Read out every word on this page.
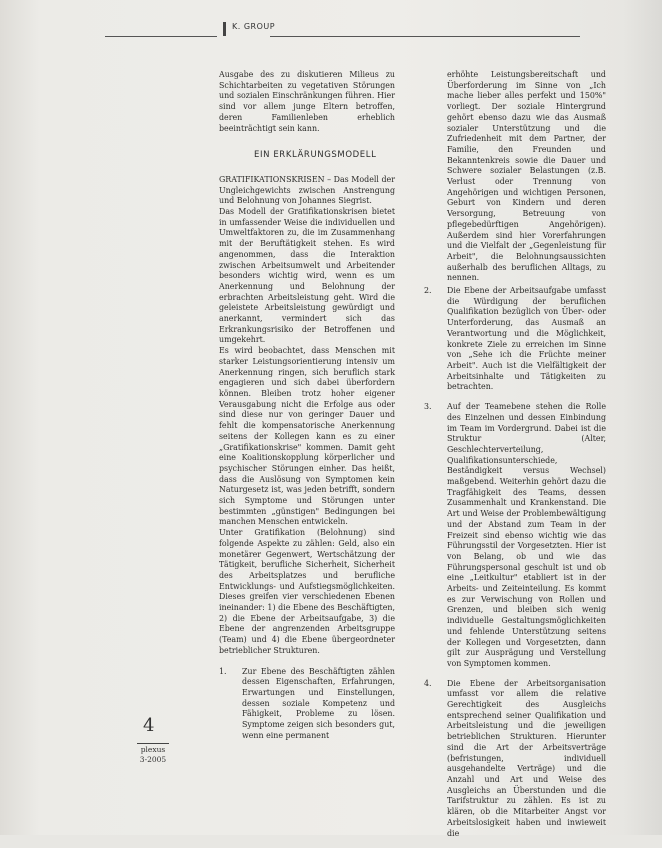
K. GROUP

Ausgabe des zu diskutieren Milieus zu Schichtarbeiten zu vegetativen Störungen und sozialen Einschränkungen führen. Hier sind vor allem junge Eltern betroffen, deren Familienleben erheblich beeinträchtigt sein kann.

EIN ERKLÄRUNGSMODELL

GRATIFIKATIONSKRISEN – Das Modell der Ungleichgewichts zwischen Anstrengung und Belohnung von Johannes Siegrist.

Das Modell der Gratifikationskrisen bietet in umfassender Weise die individuellen und Umweltfaktoren zu, die im Zusammenhang mit der Beruftätigkeit stehen. Es wird angenommen, dass die Interaktion zwischen Arbeitsumwelt und Arbeitender besonders wichtig wird, wenn es um Anerkennung und Belohnung der erbrachten Arbeitsleistung geht. Wird die geleistete Arbeitsleistung gewürdigt und anerkannt, vermindert sich das Erkrankungsrisiko der Betroffenen und umgekehrt.

Es wird beobachtet, dass Menschen mit starker Leistungsorientierung intensiv um Anerkennung ringen, sich beruflich stark engagieren und sich dabei überfordern können. Bleiben trotz hoher eigener Verausgabung nicht die Erfolge aus oder sind diese nur von geringer Dauer und fehlt die kompensatorische Anerkennung seitens der Kollegen kann es zu einer „Gratifikationskrise" kommen. Damit geht eine Koalitionskopplung körperlicher und psychischer Störungen einher. Das heißt, dass die Auslösung von Symptomen kein Naturgesetz ist, was jeden betrifft, sondern sich Symptome und Störungen unter bestimmten „günstigen" Bedingungen bei manchen Menschen entwickeln.

Unter Gratifikation (Belohnung) sind folgende Aspekte zu zählen: Geld, also ein monetärer Gegenwert, Wertschätzung der Tätigkeit, berufliche Sicherheit, Sicherheit des Arbeitsplatzes und berufliche Entwicklungs- und Aufstiegsmöglichkeiten. Dieses greifen vier verschiedenen Ebenen ineinander: 1) die Ebene des Beschäftigten, 2) die Ebene der Arbeitsaufgabe, 3) die Ebene der angrenzenden Arbeitsgruppe (Team) und 4) die Ebene übergeordneter betrieblicher Strukturen.

1. Zur Ebene des Beschäftigten zählen dessen Eigenschaften, Erfahrungen, Erwartungen und Einstellungen, dessen soziale Kompetenz und Fähigkeit, Probleme zu lösen. Symptome zeigen sich besonders gut, wenn eine permanent
erhöhte Leistungsbereitschaft und Überforderung im Sinne von „Ich mache lieber alles perfekt und 150%" vorliegt. Der soziale Hintergrund gehört ebenso dazu wie das Ausmaß sozialer Unterstützung und die Zufriedenheit mit dem Partner, der Familie, den Freunden und Bekanntenkreis sowie die Dauer und Schwere sozialer Belastungen (z.B. Verlust oder Trennung von Angehörigen und wichtigen Personen, Geburt von Kindern und deren Versorgung, Betreuung von pflegebedürftigen Angehörigen). Außerdem sind hier Vorerfahrungen und die Vielfalt der „Gegenleistung für Arbeit", die Belohnungsaussichten außerhalb des beruflichen Alltags, zu nennen.
2. Die Ebene der Arbeitsaufgabe umfasst die Würdigung der beruflichen Qualifikation bezüglich von Über- oder Unterforderung, das Ausmaß an Verantwortung und die Möglichkeit, konkrete Ziele zu erreichen im Sinne von „Sehe ich die Früchte meiner Arbeit". Auch ist die Vielfältigkeit der Arbeitsinhalte und Tätigkeiten zu betrachten.
3. Auf der Teamebene stehen die Rolle des Einzelnen und dessen Einbindung im Team im Vordergrund. Dabei ist die Struktur (Alter, Geschlechterverteilung, Qualifikationsunterschiede, Beständigkeit versus Wechsel) maßgebend. Weiterhin gehört dazu die Tragfähigkeit des Teams, dessen Zusammenhalt und Krankenstand. Die Art und Weise der Problembewältigung und der Abstand zum Team in der Freizeit sind ebenso wichtig wie das Führungsstil der Vorgesetzten. Hier ist von Belang, ob und wie das Führungspersonal geschult ist und ob eine „Leitkultur" etabliert ist in der Arbeits- und Zeiteinteilung. Es kommt es zur Verwischung von Rollen und Grenzen, und bleiben sich wenig individuelle Gestaltungsmöglichkeiten und fehlende Unterstützung seitens der Kollegen und Vorgesetzten, dann gilt zur Ausprägung und Verstellung von Symptomen kommen.
4. Die Ebene der Arbeitsorganisation umfasst vor allem die relative Gerechtigkeit des Ausgleichs entsprechend seiner Qualifikation und Arbeitsleistung und die jeweiligen betrieblichen Strukturen. Hierunter sind die Art der Arbeitsverträge (befristungen, individuell ausgehandelte Verträge) und die Anzahl und Art und Weise des Ausgleichs an Überstunden und die Tarifstruktur zu zählen. Es ist zu klären, ob die Mitarbeiter Angst vor Arbeitslosigkeit haben und inwieweit die
4
plexus
3-2005
